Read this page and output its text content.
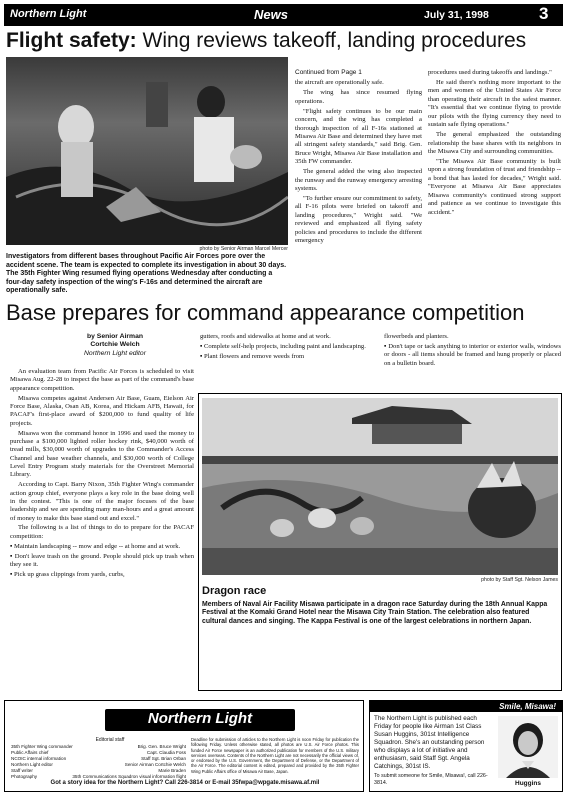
Northern Light	News	July 31, 1998	3
Flight safety: Wing reviews takeoff, landing procedures
photo by Senior Airman Marcel Mercer
Investigators from different bases throughout Pacific Air Forces pore over the accident scene. The team is expected to complete its investigation in about 30 days. The 35th Fighter Wing resumed flying operations Wednesday after conducting a four-day safety inspection of the wing's F-16s and determined the aircraft are operationally safe.
Continued from Page 1

the aircraft are operationally safe.

The wing has since resumed flying operations.

"Flight safety continues to be our main concern, and the wing has completed a thorough inspection of all F-16s stationed at Misawa Air Base and determined they have met all stringent safety standards," said Brig. Gen. Bruce Wright, Misawa Air Base installation and 35th FW commander.

The general added the wing also inspected the runway and the runway emergency arresting systems.

"To further ensure our commitment to safety, all F-16 pilots were briefed on takeoff and landing procedures," Wright said. "We reviewed and emphasized all flying safety policies and procedures to include the different emergency

procedures used during takeoffs and landings."

He said there's nothing more important to the men and women of the United States Air Force than operating their aircraft in the safest manner. "It's essential that we continue flying to provide our pilots with the flying currency they need to sustain safe flying operations."

The general emphasized the outstanding relationship the base shares with its neighbors in the Misawa City and surrounding communities.

"The Misawa Air Base community is built upon a strong foundation of trust and friendship -- a bond that has lasted for decades," Wright said. "Everyone at Misawa Air Base appreciates Misawa community's continued strong support and patience as we continue to investigate this accident."

Base prepares for command appearance competition
by Senior Airman
Cortchie Welch
Northern Light editor

An evaluation team from Pacific Air Forces is scheduled to visit Misawa Aug. 22-28 to inspect the base as part of the command's base appearance competition.

Misawa competes against Andersen Air Base, Guam, Eielson Air Force Base, Alaska, Osan AB, Korea, and Hickam AFB, Hawaii, for PACAF's first-place award of $200,000 to fund quality of life projects.

Misawa won the command honor in 1996 and used the money to purchase a $100,000 lighted roller hockey rink, $40,000 worth of tread mills, $30,000 worth of upgrades to the Commander's Access Channel and base weather channels, and $30,000 worth of College Level Entry Program study materials for the Overstreet Memorial Library.

According to Capt. Barry Nixon, 35th Fighter Wing's commander action group chief, everyone plays a key role in the base doing well in the contest. "This is one of the major focuses of the base leadership and we are spending many man-hours and a great amount of money to make this base stand out and excel."

The following is a list of things to do to prepare for the PACAF competition:

▪ Maintain landscaping -- mow and edge -- at home and at work.

▪ Don't leave trash on the ground. People should pick up trash when they see it.

▪ Pick up grass clippings from yards, curbs,

gutters, roofs and sidewalks at home and at work.

▪ Complete self-help projects, including paint and landscaping.

▪ Plant flowers and remove weeds from

flowerbeds and planters.

▪ Don't tape or tack anything to interior or exterior walls, windows or doors - all items should be framed and hung properly or placed on a bulletin board.

photo by Staff Sgt. Nelson James
Dragon race
Members of Naval Air Facility Misawa participate in a dragon race Saturday during the 18th Annual Kappa Festival at the Komaki Grand Hotel near the Misawa City Train Station. The celebration also featured cultural dances and singing. The Kappa Festival is one of the largest celebrations in northern Japan.
Northern Light
Editorial staff
35th Fighter Wing commander	Brig. Gen. Bruce Wright
Public Affairs chief	Capt. Claudia Foss
NCOIC internal information	Staff Sgt. Brian Orban
Northern Light editor	Senior Airman Cortchie Welch
Staff writer	Marie Braden
Photography	35th Communications Squadron visual information flight
Deadline for submission of articles to the Northern Light is noon Friday for publication the following Friday. Unless otherwise stated, all photos are U.S. Air Force photos. This funded Air Force newspaper is an authorized publication for members of the U.S. military services overseas. Contents of the Northern Light are not necessarily the official views of, or endorsed by the U.S. Government, the Department of Defense, or the Department of the Air Force. The editorial content is edited, prepared and provided by the 35th Fighter Wing Public Affairs office of Misawa Air Base, Japan.
Got a story idea for the Northern Light? Call 226-3814 or E-mail 35fwpa@wpgate.misawa.af.mil
Smile, Misawa!
The Northern Light is published each Friday for people like Airman 1st Class Susan Huggins, 301st Intelligence Squadron. She's an outstanding person who displays a lot of initiative and enthusiasm, said Staff Sgt. Angela Catchings, 301st IS.
To submit someone for Smile, Misawa!, call 226-3814.	Huggins
